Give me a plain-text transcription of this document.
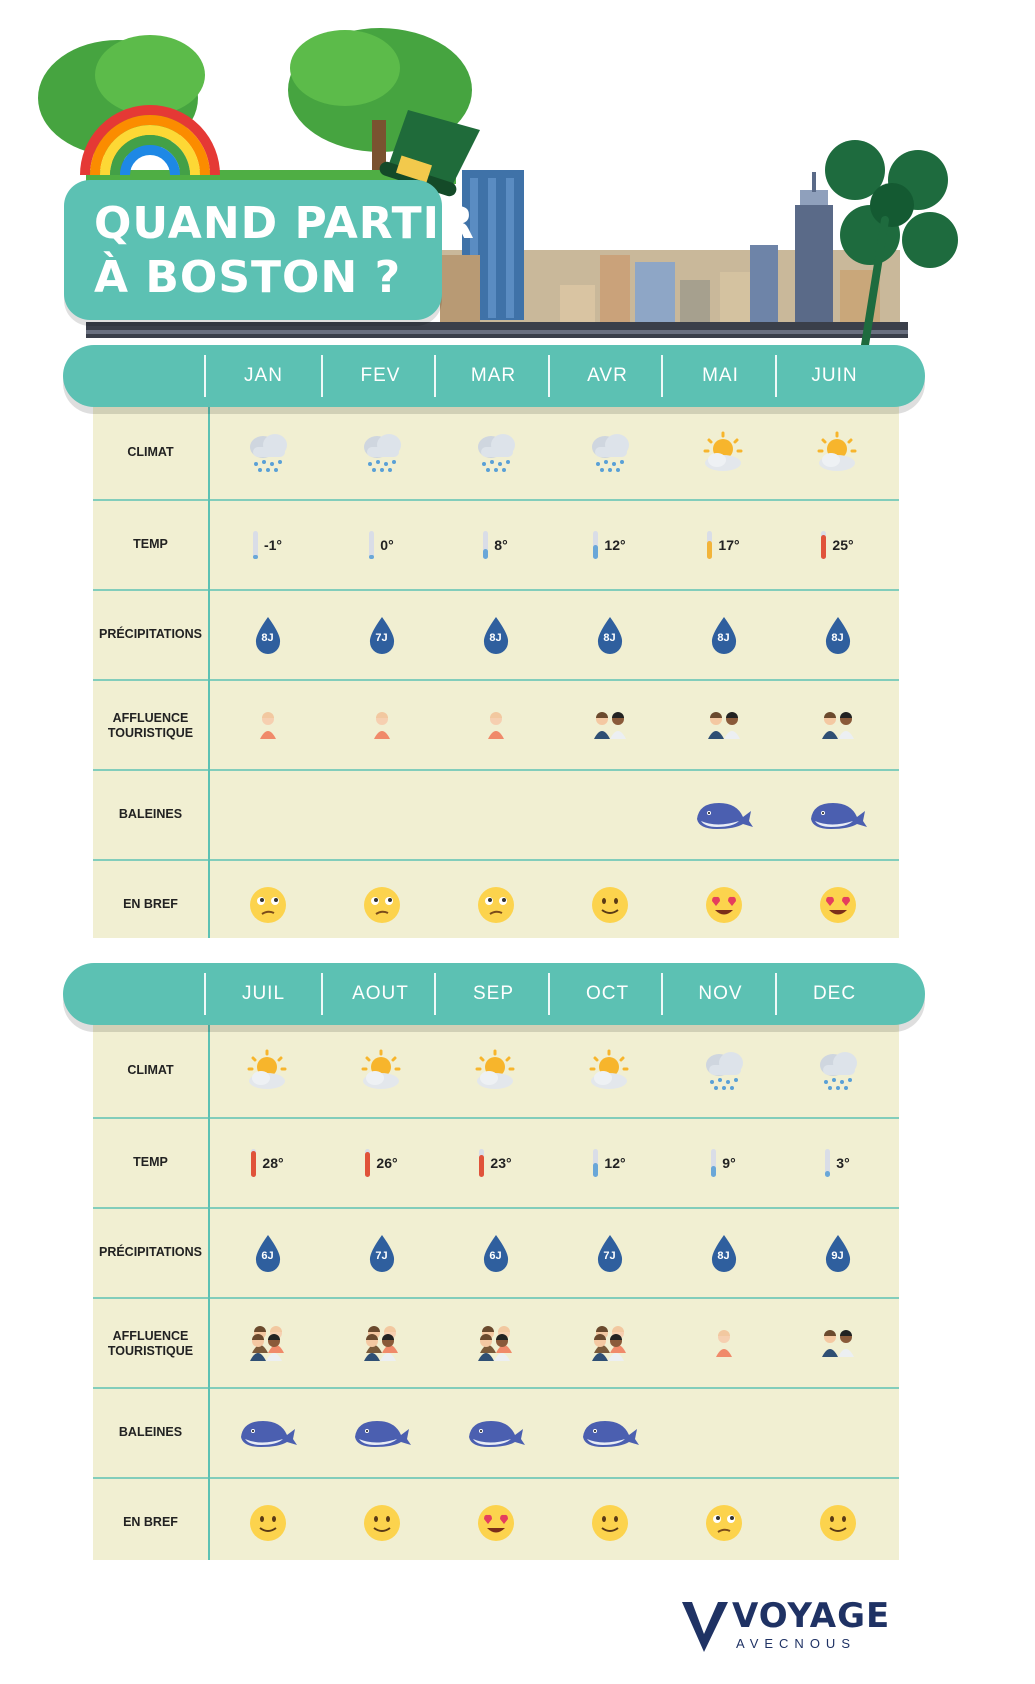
QUAND PARTIR
À BOSTON ?
CLIMAT
TEMP	-1°	0°	8°	12°	17°	25°
PRÉCIPITATIONS	8J	7J	8J	8J	8J	8J
AFFLUENCE
TOURISTIQUE
BALEINES
EN BREF
JAN	FEV	MAR	AVR	MAI	JUIN
CLIMAT
TEMP	28°	26°	23°	12°	9°	3°
PRÉCIPITATIONS	6J	7J	6J	7J	8J	9J
AFFLUENCE
TOURISTIQUE
BALEINES
EN BREF
JUIL	AOUT	SEP	OCT	NOV	DEC
VOYAGE
AVECNOUS
